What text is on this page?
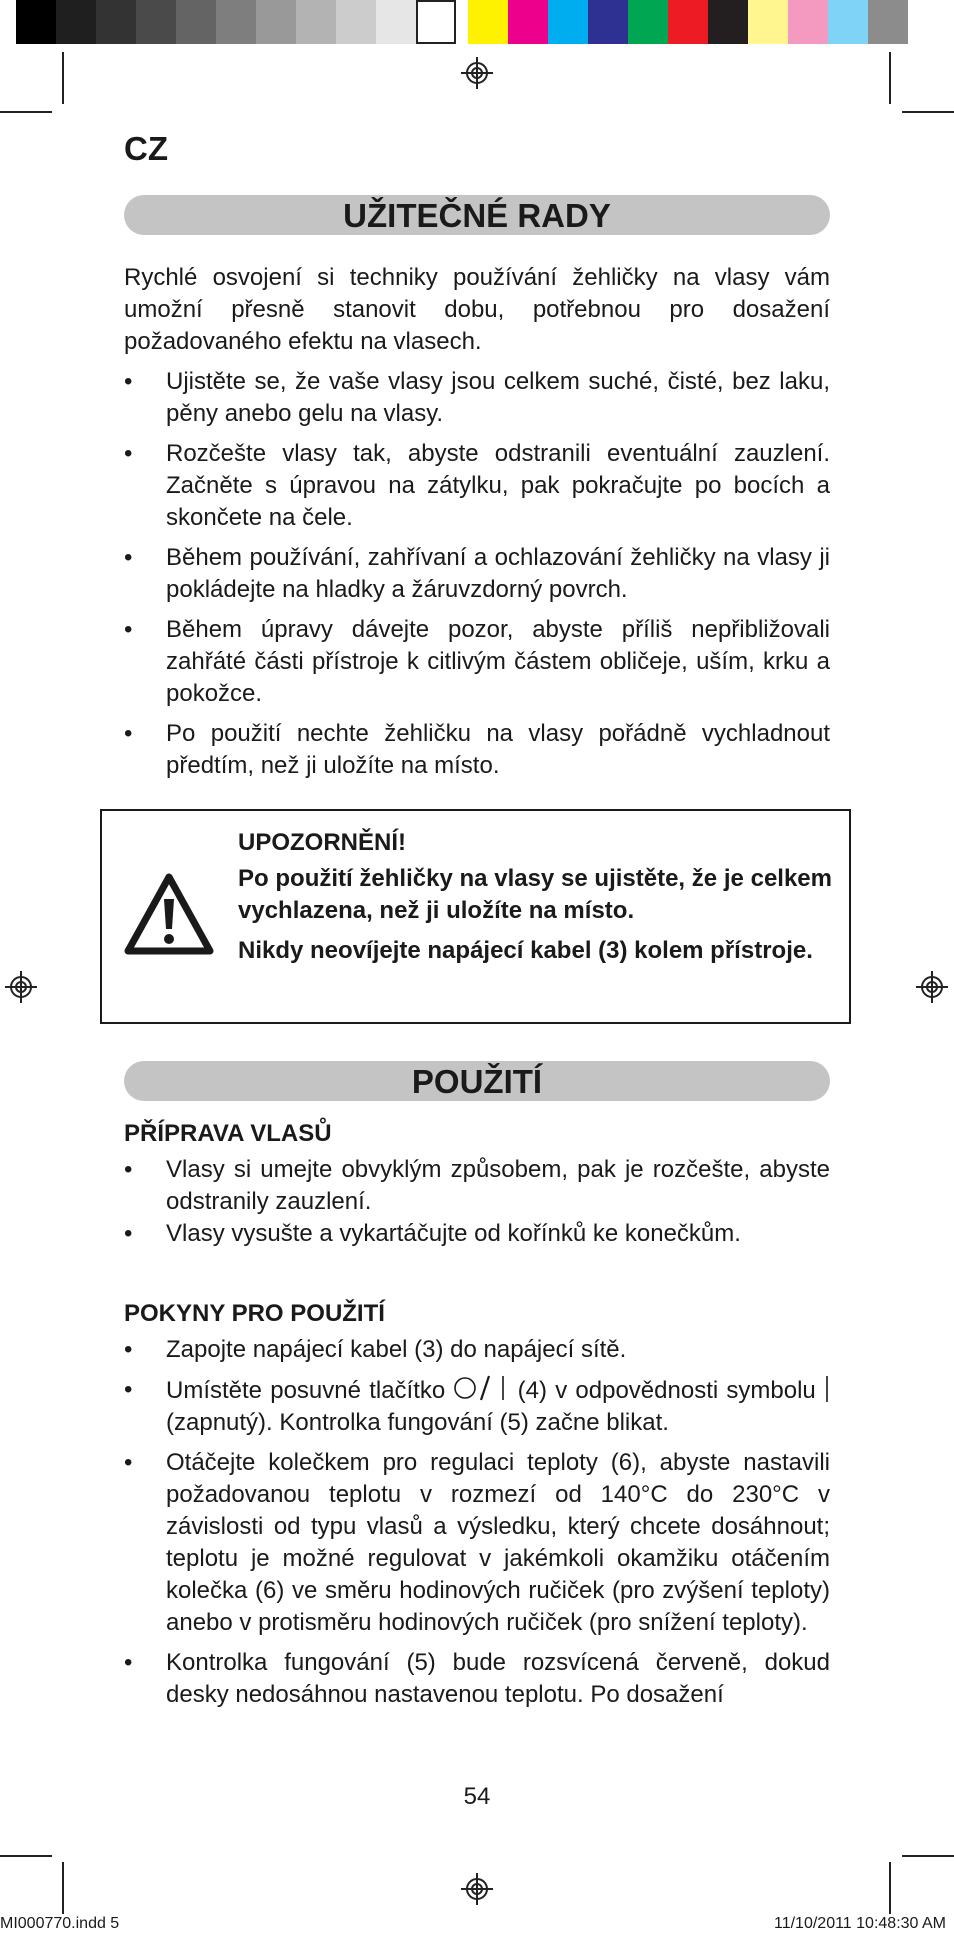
CZ
UŽITEČNÉ RADY

Rychlé osvojení si techniky používání žehličky na vlasy vám umožní přesně stanovit dobu, potřebnou pro dosažení požadovaného efektu na vlasech.

• Ujistěte se, že vaše vlasy jsou celkem suché, čisté, bez laku, pěny anebo gelu na vlasy.
• Rozčešte vlasy tak, abyste odstranili eventuální zauzlení. Začněte s úpravou na zátylku, pak pokračujte po bocích a skončete na čele.
• Během používání, zahřívaní a ochlazování žehličky na vlasy ji pokládejte na hladky a žáruvzdorný povrch.
• Během úpravy dávejte pozor, abyste příliš nepřibližovali zahřáté části přístroje k citlivým částem obličeje, uším, krku a pokožce.
• Po použití nechte žehličku na vlasy pořádně vychladnout předtím, než ji uložíte na místo.

UPOZORNĚNÍ!

Po použití žehličky na vlasy se ujistěte, že je celkem vychlazena, než ji uložíte na místo.

Nikdy neovíjejte napájecí kabel (3) kolem přístroje.

POUŽITÍ

PŘÍPRAVA VLASŮ

• Vlasy si umejte obvyklým způsobem, pak je rozčešte, abyste odstranily zauzlení.
• Vlasy vysušte a vykartáčujte od kořínků ke konečkům.

POKYNY PRO POUŽITÍ

• Zapojte napájecí kabel (3) do napájecí sítě.
• Umístěte posuvné tlačítko	(4) v odpovědnosti symbolu (zapnutý). Kontrolka fungování (5) začne blikat.
• Otáčejte kolečkem pro regulaci teploty (6), abyste nastavili požadovanou teplotu v rozmezí od 140°C do 230°C v závislosti od typu vlasů a výsledku, který chcete dosáhnout; teplotu je možné regulovat v jakémkoli okamžiku otáčením kolečka (6) ve směru hodinových ručiček (pro zvýšení teploty) anebo v protisměru hodinových ručiček (pro snížení teploty).
• Kontrolka fungování (5) bude rozsvícená červeně, dokud desky nedosáhnou nastavenou teplotu. Po dosažení
54
MI000770.indd 5	11/10/2011 10:48:30 AM
